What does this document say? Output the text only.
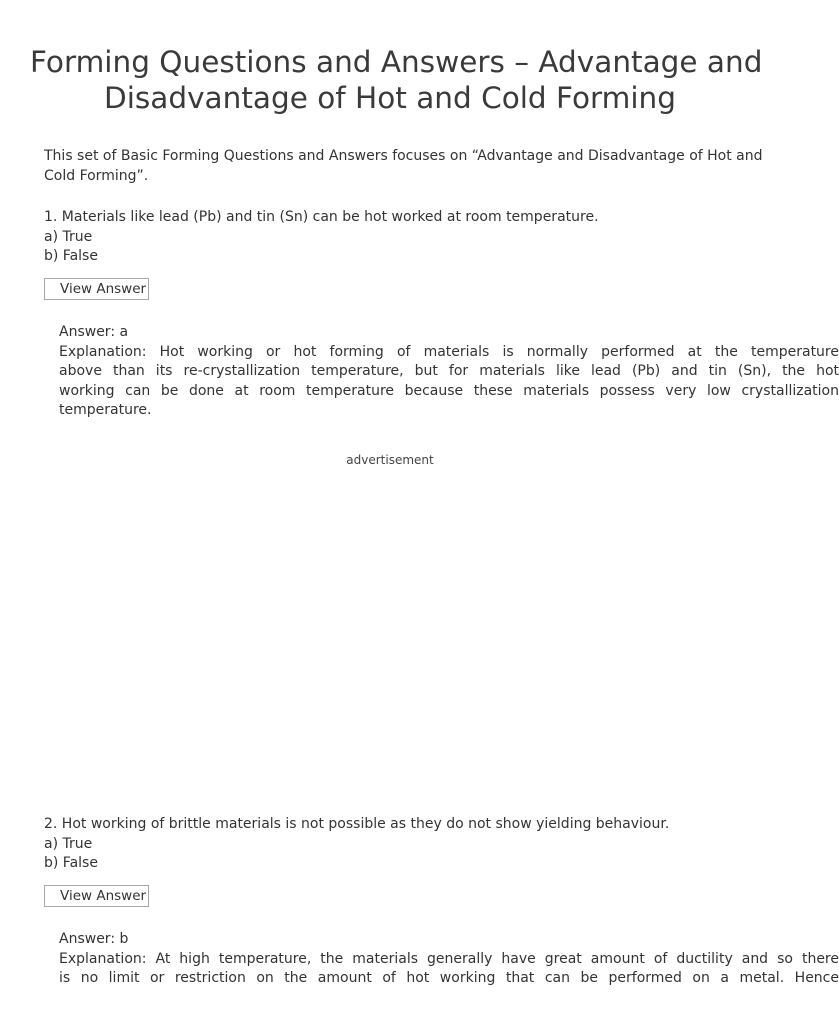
Forming Questions and Answers – Advantage and
Disadvantage of Hot and Cold Forming
This set of Basic Forming Questions and Answers focuses on “Advantage and Disadvantage of Hot and
Cold Forming”.
1. Materials like lead (Pb) and tin (Sn) can be hot worked at room temperature.
a) True
b) False
View Answer
Answer: a
Explanation: Hot working or hot forming of materials is normally performed at the temperature
above than its re-crystallization temperature, but for materials like lead (Pb) and tin (Sn), the hot
working can be done at room temperature because these materials possess very low crystallization
temperature.
advertisement
2. Hot working of brittle materials is not possible as they do not show yielding behaviour.
a) True
b) False
View Answer
Answer: b
Explanation: At high temperature, the materials generally have great amount of ductility and so there
is no limit or restriction on the amount of hot working that can be performed on a metal. Hence
